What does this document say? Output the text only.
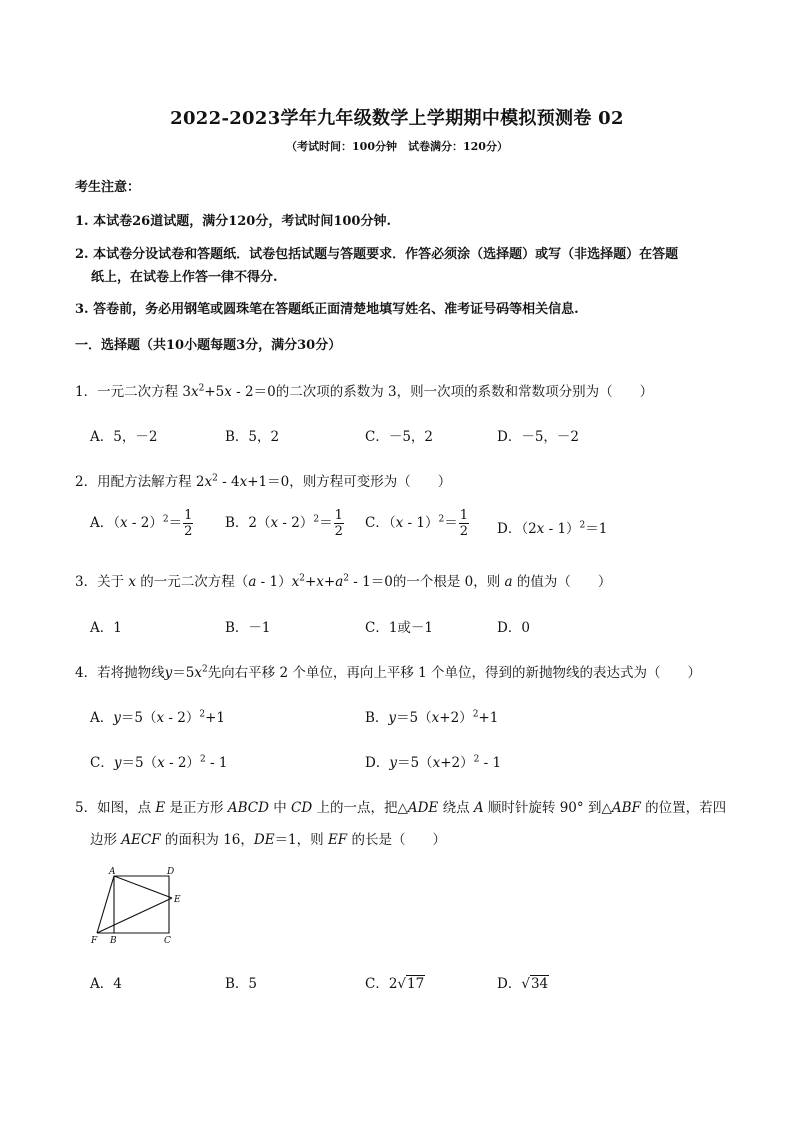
2022-2023学年九年级数学上学期期中模拟预测卷 02
（考试时间：100分钟　试卷满分：120分）
考生注意：
1. 本试卷26道试题，满分120分，考试时间100分钟.
2. 本试卷分设试卷和答题纸．试卷包括试题与答题要求．作答必须涂（选择题）或写（非选择题）在答题
纸上，在试卷上作答一律不得分.
3. 答卷前，务必用钢笔或圆珠笔在答题纸正面清楚地填写姓名、准考证号码等相关信息.
一．选择题（共10小题每题3分，满分30分）
1．一元二次方程 $3x^2+5x - 2=0$的二次项的系数为 3，则一次项的系数和常数项分别为（　　）
A．5，－2	B．5，2	C．－5，2	D．－5，－2
2．用配方法解方程 $2x^2 - 4x+1=0$，则方程可变形为（　　）
A．$(x - 2)^2= \frac{1}{2}$ B．$2(x - 2)^2= \frac{1}{2}$ C．$(x - 1)^2= \frac{1}{2}$ D．（2x - 1）$^2$＝1
3．关于 x 的一元二次方程$(a - 1)x^2+x+a^2 - 1=0$的一个根是 0，则 a 的值为（　　）
A．1	B．－1	C．1或－1	D．0
4．若将抛物线$y=5x^2$先向右平移 2 个单位，再向上平移 1 个单位，得到的新抛物线的表达式为（　　）
A．y＝5（x - 2）$^2$+1	B．$y=5(x+2)^2+1$
C．y＝5（x - 2）$^2$ - 1	D．$y=5(x+2)^2 - 1$
5．如图，点 E 是正方形 ABCD 中 CD 上的一点，把△ADE 绕点 A 顺时针旋转 90° 到△ABF 的位置，若四
边形 AECF 的面积为 16，DE＝1，则 EF 的长是（　　）
A	D
E
F B	C
A．4	B．5	C．2√17	D．√34
